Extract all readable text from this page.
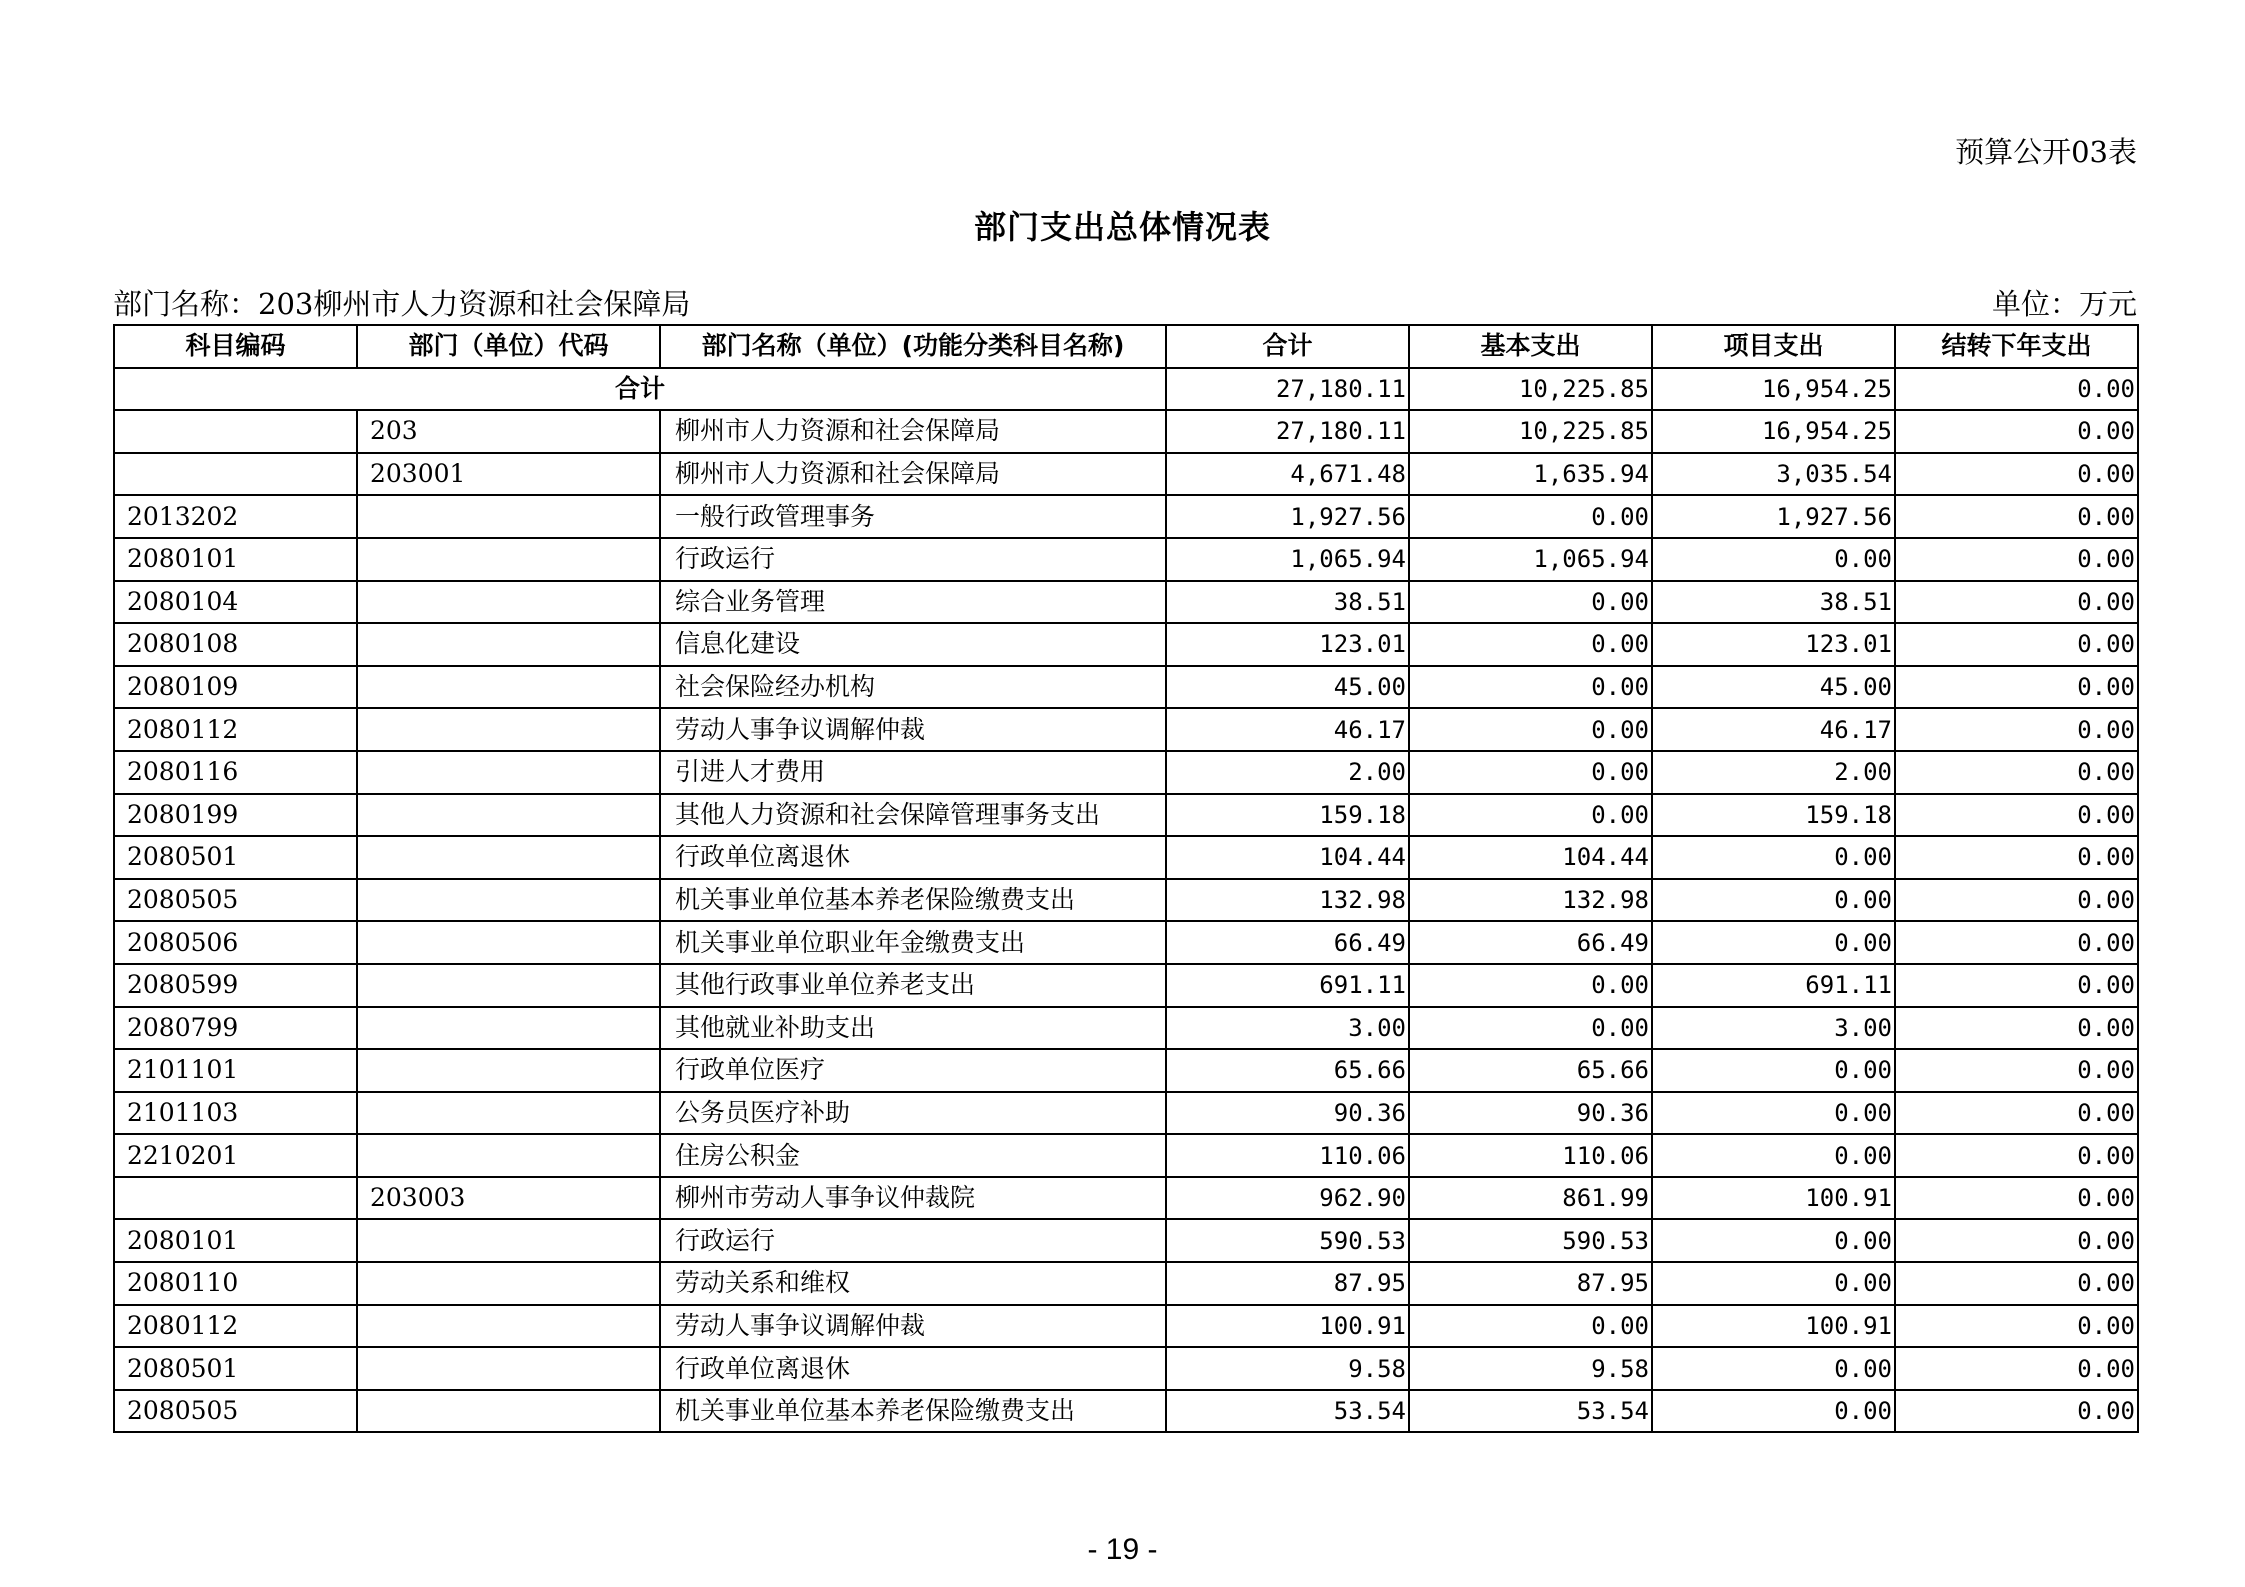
预算公开03表
部门支出总体情况表
部门名称：203柳州市人力资源和社会保障局	单位：万元
科目编码	部门（单位）代码	部门名称（单位）(功能分类科目名称)	合计	基本支出	项目支出	结转下年支出
合计			27,180.11	10,225.85	16,954.25	0.00
	203	柳州市人力资源和社会保障局	27,180.11	10,225.85	16,954.25	0.00
	203001	柳州市人力资源和社会保障局	4,671.48	1,635.94	3,035.54	0.00
2013202		一般行政管理事务	1,927.56	0.00	1,927.56	0.00
2080101		行政运行	1,065.94	1,065.94	0.00	0.00
2080104		综合业务管理	38.51	0.00	38.51	0.00
2080108		信息化建设	123.01	0.00	123.01	0.00
2080109		社会保险经办机构	45.00	0.00	45.00	0.00
2080112		劳动人事争议调解仲裁	46.17	0.00	46.17	0.00
2080116		引进人才费用	2.00	0.00	2.00	0.00
2080199		其他人力资源和社会保障管理事务支出	159.18	0.00	159.18	0.00
2080501		行政单位离退休	104.44	104.44	0.00	0.00
2080505		机关事业单位基本养老保险缴费支出	132.98	132.98	0.00	0.00
2080506		机关事业单位职业年金缴费支出	66.49	66.49	0.00	0.00
2080599		其他行政事业单位养老支出	691.11	0.00	691.11	0.00
2080799		其他就业补助支出	3.00	0.00	3.00	0.00
2101101		行政单位医疗	65.66	65.66	0.00	0.00
2101103		公务员医疗补助	90.36	90.36	0.00	0.00
2210201		住房公积金	110.06	110.06	0.00	0.00
	203003	柳州市劳动人事争议仲裁院	962.90	861.99	100.91	0.00
2080101		行政运行	590.53	590.53	0.00	0.00
2080110		劳动关系和维权	87.95	87.95	0.00	0.00
2080112		劳动人事争议调解仲裁	100.91	0.00	100.91	0.00
2080501		行政单位离退休	9.58	9.58	0.00	0.00
2080505		机关事业单位基本养老保险缴费支出	53.54	53.54	0.00	0.00
- 19 -
